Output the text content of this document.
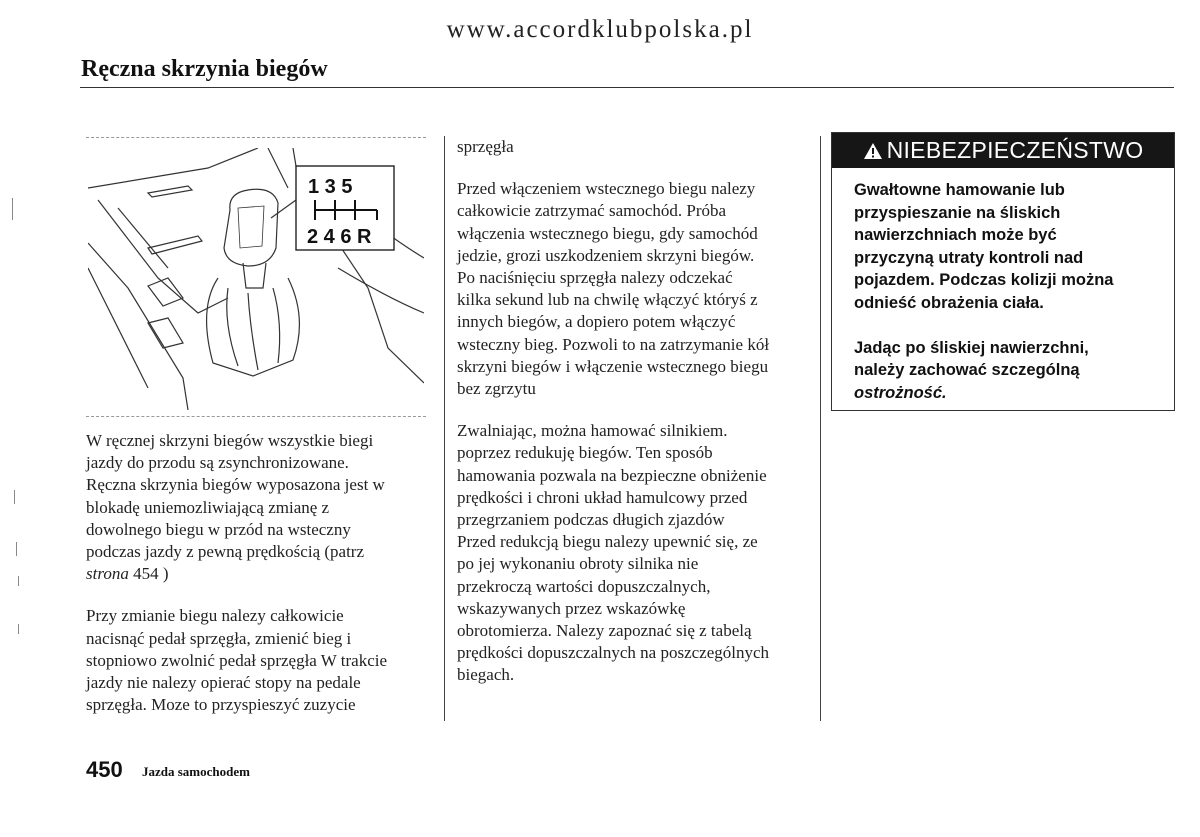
www.accordklubpolska.pl
Ręczna skrzynia biegów
1 3 5
2 4 6 R

W ręcznej skrzyni biegów wszystkie biegi
jazdy do przodu są zsynchronizowane.
Ręczna skrzynia biegów wyposazona jest w
blokadę uniemozliwiającą zmianę z
dowolnego biegu w przód na wsteczny
podczas jazdy z pewną prędkością (patrz
strona 454 )

Przy zmianie biegu nalezy całkowicie
nacisnąć pedał sprzęgła, zmienić bieg i
stopniowo zwolnić pedał sprzęgła W trakcie
jazdy nie nalezy opierać stopy na pedale
sprzęgła. Moze to przyspieszyć zuzycie

sprzęgła

Przed włączeniem wstecznego biegu nalezy
całkowicie zatrzymać samochód. Próba
włączenia wstecznego biegu, gdy samochód
jedzie, grozi uszkodzeniem skrzyni biegów.
Po naciśnięciu sprzęgła nalezy odczekać
kilka sekund lub na chwilę włączyć któryś z
innych biegów, a dopiero potem włączyć
wsteczny bieg. Pozwoli to na zatrzymanie kół
skrzyni biegów i włączenie wstecznego biegu
bez zgrzytu

Zwalniając, można hamować silnikiem.
poprzez redukuję biegów. Ten sposób
hamowania pozwala na bezpieczne obniżenie
prędkości i chroni układ hamulcowy przed
przegrzaniem podczas długich zjazdów
Przed redukcją biegu nalezy upewnić się, ze
po jej wykonaniu obroty silnika nie
przekroczą wartości dopuszczalnych,
wskazywanych przez wskazówkę
obrotomierza. Nalezy zapoznać się z tabelą
prędkości dopuszczalnych na poszczególnych
biegach.

NIEBEZPIECZEŃSTWO

Gwałtowne hamowanie lub
przyspieszanie na śliskich
nawierzchniach może być
przyczyną utraty kontroli nad
pojazdem. Podczas kolizji można
odnieść obrażenia ciała.

Jadąc po śliskiej nawierzchni,
należy zachować szczególną
ostrożność.

450 Jazda samochodem
